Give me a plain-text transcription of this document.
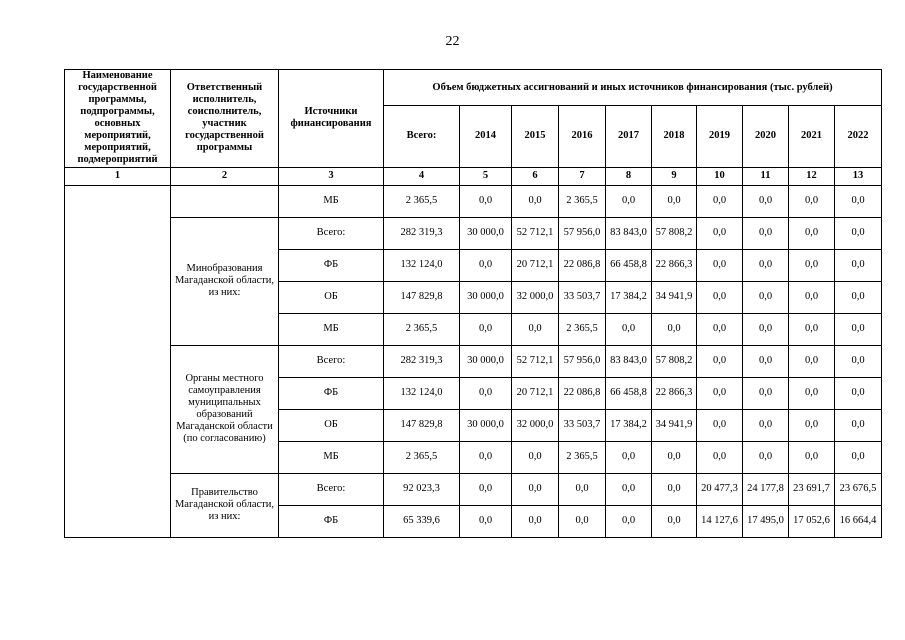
22
Наименование государственной программы, подпрограммы, основных мероприятий, мероприятий, подмероприятий	Ответственный исполнитель, соисполнитель, участник государственной программы	Источники финансирования	Объем бюджетных ассигнований и иных источников финансирования (тыс. рублей)									
			Всего:	2014	2015	2016	2017	2018	2019	2020	2021	2022
1	2	3	4	5	6	7	8	9	10	11	12	13
		МБ	2 365,5	0,0	0,0	2 365,5	0,0	0,0	0,0	0,0	0,0	0,0
	Минобразования Магаданской области, из них:	Всего:	282 319,3	30 000,0	52 712,1	57 956,0	83 843,0	57 808,2	0,0	0,0	0,0	0,0
		ФБ	132 124,0	0,0	20 712,1	22 086,8	66 458,8	22 866,3	0,0	0,0	0,0	0,0
		ОБ	147 829,8	30 000,0	32 000,0	33 503,7	17 384,2	34 941,9	0,0	0,0	0,0	0,0
		МБ	2 365,5	0,0	0,0	2 365,5	0,0	0,0	0,0	0,0	0,0	0,0
	Органы местного самоуправления муниципальных образований Магаданской области (по согласованию)	Всего:	282 319,3	30 000,0	52 712,1	57 956,0	83 843,0	57 808,2	0,0	0,0	0,0	0,0
		ФБ	132 124,0	0,0	20 712,1	22 086,8	66 458,8	22 866,3	0,0	0,0	0,0	0,0
		ОБ	147 829,8	30 000,0	32 000,0	33 503,7	17 384,2	34 941,9	0,0	0,0	0,0	0,0
		МБ	2 365,5	0,0	0,0	2 365,5	0,0	0,0	0,0	0,0	0,0	0,0
	Правительство Магаданской области, из них:	Всего:	92 023,3	0,0	0,0	0,0	0,0	0,0	20 477,3	24 177,8	23 691,7	23 676,5
		ФБ	65 339,6	0,0	0,0	0,0	0,0	0,0	14 127,6	17 495,0	17 052,6	16 664,4
